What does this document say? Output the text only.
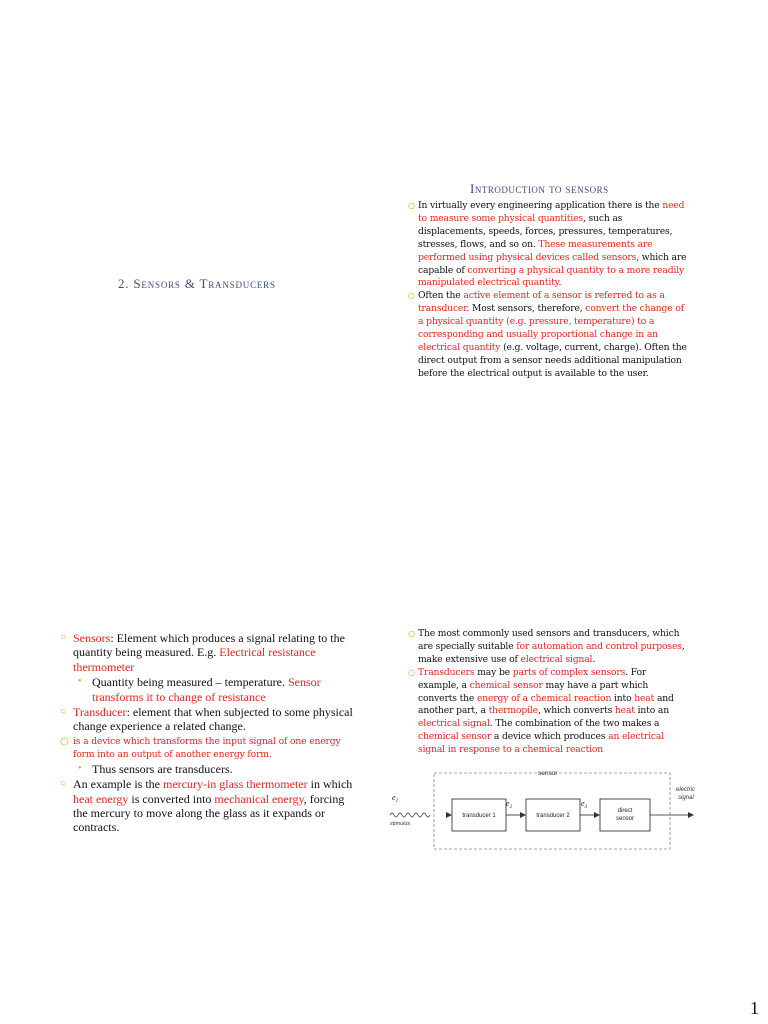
2. Sensors & Transducers
Introduction to sensors

○ In virtually every engineering application there is the need to measure some physical quantities, such as displacements, speeds, forces, pressures, temperatures, stresses, flows, and so on. These measurements are performed using physical devices called sensors, which are capable of converting a physical quantity to a more readily manipulated electrical quantity.

○ Often the active element of a sensor is referred to as a transducer. Most sensors, therefore, convert the change of a physical quantity (e.g. pressure, temperature) to a corresponding and usually proportional change in an electrical quantity (e.g. voltage, current, charge). Often the direct output from a sensor needs additional manipulation before the electrical output is available to the user.

○ Sensors: Element which produces a signal relating to the quantity being measured. E.g. Electrical resistance thermometer
• Quantity being measured – temperature. Sensor transforms it to change of resistance
○ Transducer: element that when subjected to some physical change experience a related change.
○ is a device which transforms the input signal of one energy form into an output of another energy form.
• Thus sensors are transducers.
○ An example is the mercury-in glass thermometer in which heat energy is converted into mechanical energy, forcing the mercury to move along the glass as it expands or contracts.

○ The most commonly used sensors and transducers, which are specially suitable for automation and control purposes, make extensive use of electrical signal.

○ Transducers may be parts of complex sensors. For example, a chemical sensor may have a part which converts the energy of a chemical reaction into heat and another part, a thermopile, which converts heat into an electrical signal. The combination of the two makes a chemical sensor a device which produces an electrical signal in response to a chemical reaction

sensor
$e_1$
stimulus
transducer 1
$e_2$
transducer 2
$e_3$
direct
sensor
electric
signal
1
